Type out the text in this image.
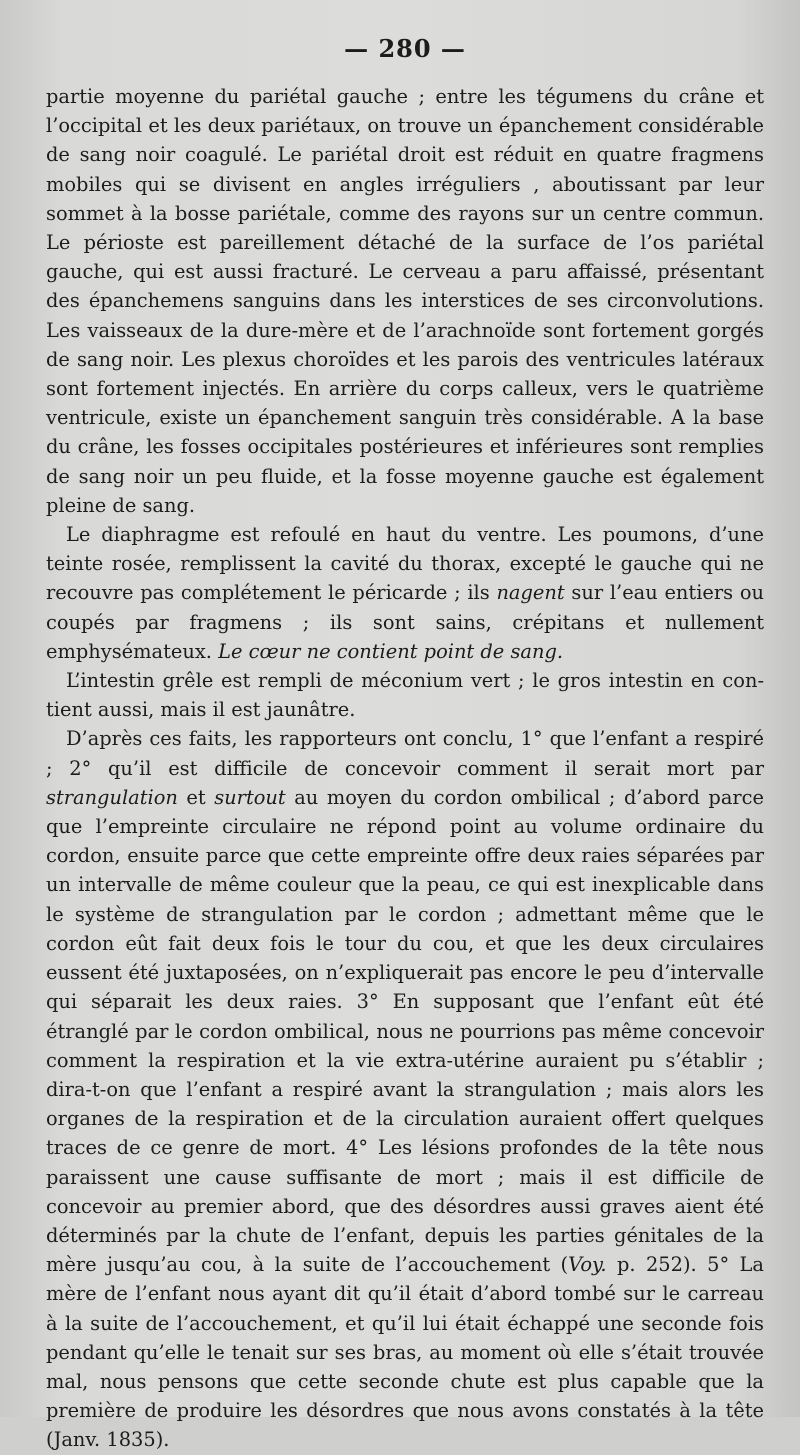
— 280 —

partie moyenne du pariétal gauche ; entre les tégumens du crâne et l’occipital et les deux pariétaux, on trouve un épanchement considérable de sang noir coagulé. Le pariétal droit est réduit en quatre fragmens mobiles qui se divisent en angles irréguliers , aboutissant par leur sommet à la bosse pariétale, comme des rayons sur un centre commun. Le périoste est pareillement détaché de la surface de l’os pariétal gauche, qui est aussi fracturé. Le cerveau a paru affaissé, présentant des épanchemens sanguins dans les interstices de ses circonvolutions. Les vaisseaux de la dure-mère et de l’arachnoïde sont fortement gorgés de sang noir. Les plexus choroïdes et les parois des ventricules latéraux sont fortement injectés. En arrière du corps calleux, vers le quatrième ventricule, existe un épanchement sanguin très considérable. A la base du crâne, les fosses occipitales postérieures et inférieures sont remplies de sang noir un peu fluide, et la fosse moyenne gauche est également pleine de sang.

Le diaphragme est refoulé en haut du ventre. Les poumons, d’une teinte rosée, remplissent la cavité du thorax, excepté le gauche qui ne recouvre pas complétement le péricarde ; ils nagent sur l’eau entiers ou coupés par fragmens ; ils sont sains, crépitans et nullement emphysémateux. Le cœur ne contient point de sang.

L’intestin grêle est rempli de méconium vert ; le gros intestin en contient aussi, mais il est jaunâtre.

D’après ces faits, les rapporteurs ont conclu, 1° que l’enfant a respiré ; 2° qu’il est difficile de concevoir comment il serait mort par strangulation et surtout au moyen du cordon ombilical ; d’abord parce que l’empreinte circulaire ne répond point au volume ordinaire du cordon, ensuite parce que cette empreinte offre deux raies séparées par un intervalle de même couleur que la peau, ce qui est inexplicable dans le système de strangulation par le cordon ; admettant même que le cordon eût fait deux fois le tour du cou, et que les deux circulaires eussent été juxtaposées, on n’expliquerait pas encore le peu d’intervalle qui séparait les deux raies. 3° En supposant que l’enfant eût été étranglé par le cordon ombilical, nous ne pourrions pas même concevoir comment la respiration et la vie extra-utérine auraient pu s’établir ; dira-t-on que l’enfant a respiré avant la strangulation ; mais alors les organes de la respiration et de la circulation auraient offert quelques traces de ce genre de mort. 4° Les lésions profondes de la tête nous paraissent une cause suffisante de mort ; mais il est difficile de concevoir au premier abord, que des désordres aussi graves aient été déterminés par la chute de l’enfant, depuis les parties génitales de la mère jusqu’au cou, à la suite de l’accouchement (Voy. p. 252). 5° La mère de l’enfant nous ayant dit qu’il était d’abord tombé sur le carreau à la suite de l’accouchement, et qu’il lui était échappé une seconde fois pendant qu’elle le tenait sur ses bras, au moment où elle s’était trouvée mal, nous pensons que cette seconde chute est plus capable que la première de produire les désordres que nous avons constatés à la tête (Janv. 1835).
